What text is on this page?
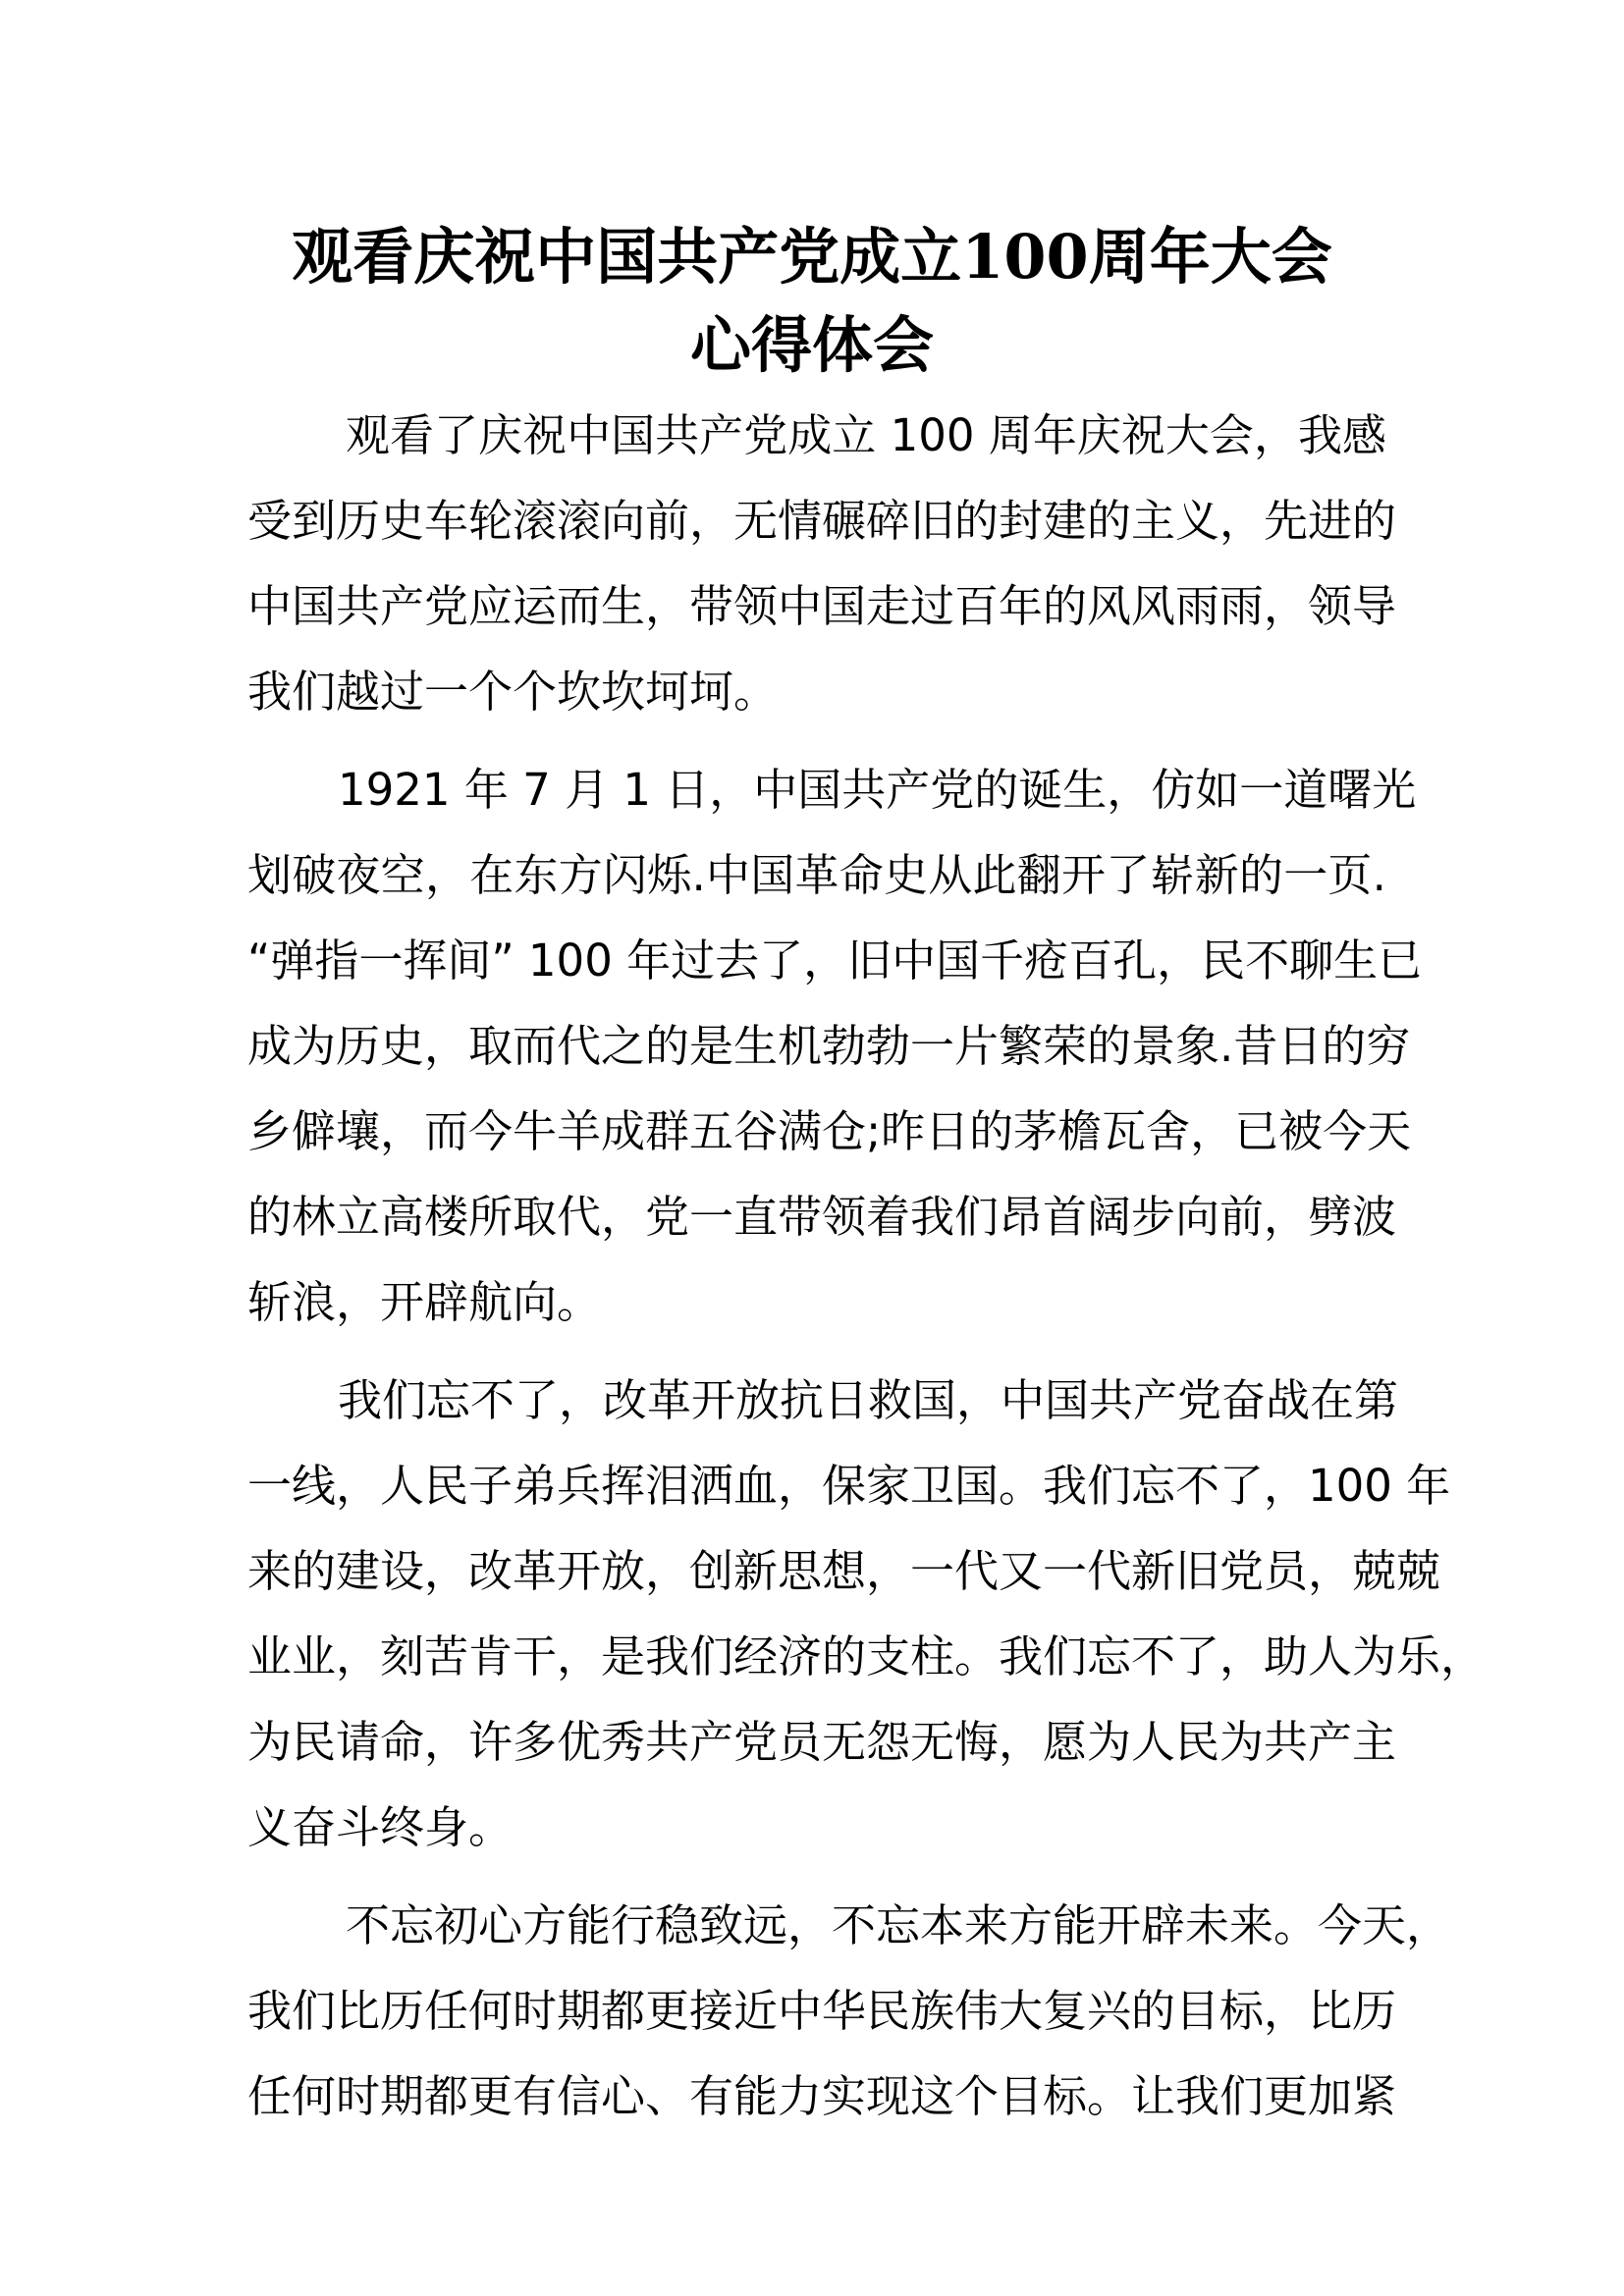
观看庆祝中国共产党成立100周年大会
心得体会

观看了庆祝中国共产党成立 100 周年庆祝大会，我感
受到历史车轮滚滚向前，无情碾碎旧的封建的主义，先进的
中国共产党应运而生，带领中国走过百年的风风雨雨，领导
我们越过一个个坎坎坷坷。

1921 年 7 月 1 日，中国共产党的诞生，仿如一道曙光
划破夜空，在东方闪烁.中国革命史从此翻开了崭新的一页.
“弹指一挥间” 100 年过去了，旧中国千疮百孔，民不聊生已
成为历史，取而代之的是生机勃勃一片繁荣的景象.昔日的穷
乡僻壤，而今牛羊成群五谷满仓;昨日的茅檐瓦舍，已被今天
的林立高楼所取代，党一直带领着我们昂首阔步向前，劈波
斩浪，开辟航向。

我们忘不了，改革开放抗日救国，中国共产党奋战在第
一线，人民子弟兵挥泪洒血，保家卫国。我们忘不了，100 年
来的建设，改革开放，创新思想，一代又一代新旧党员，兢兢
业业，刻苦肯干，是我们经济的支柱。我们忘不了，助人为乐，
为民请命，许多优秀共产党员无怨无悔，愿为人民为共产主
义奋斗终身。

不忘初心方能行稳致远，不忘本来方能开辟未来。今天，
我们比历任何时期都更接近中华民族伟大复兴的目标，比历
任何时期都更有信心、有能力实现这个目标。让我们更加紧
